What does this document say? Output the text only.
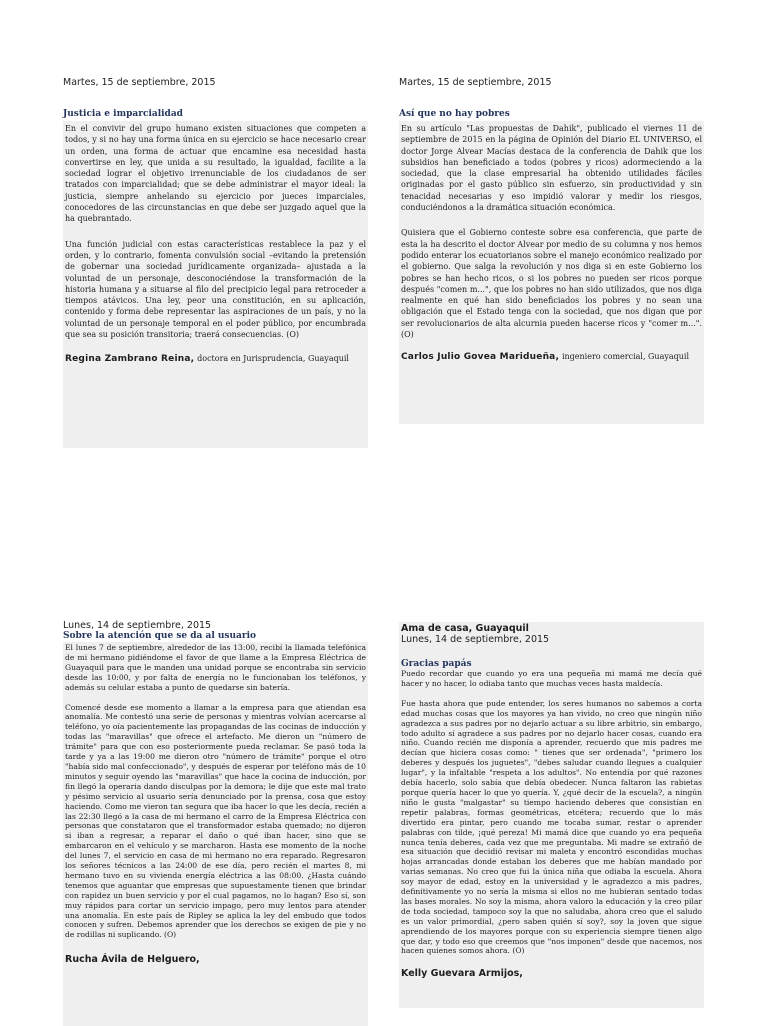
Martes, 15 de septiembre, 2015

Justicia e imparcialidad

En el convivir del grupo humano existen situaciones que competen a todos, y si no hay una forma única en su ejercicio se hace necesario crear un orden, una forma de actuar que encamine esa necesidad hasta convertirse en ley, que unida a su resultado, la igualdad, facilite a la sociedad lograr el objetivo irrenunciable de los ciudadanos de ser tratados con imparcialidad; que se debe administrar el mayor ideal: la justicia, siempre anhelando su ejercicio por jueces imparciales, conocedores de las circunstancias en que debe ser juzgado aquel que la ha quebrantado.

Una función judicial con estas características restablece la paz y el orden, y lo contrario, fomenta convulsión social –evitando la pretensión de gobernar una sociedad jurídicamente organizada– ajustada a la voluntad de un personaje, desconociéndose la transformación de la historia humana y a situarse al filo del precipicio legal para retroceder a tiempos atávicos. Una ley, peor una constitución, en su aplicación, contenido y forma debe representar las aspiraciones de un país, y no la voluntad de un personaje temporal en el poder público, por encumbrada que sea su posición transitoria; traerá consecuencias. (O)

Regina Zambrano Reina, doctora en Jurisprudencia, Guayaquil

Martes, 15 de septiembre, 2015

Así que no hay pobres

En su artículo "Las propuestas de Dahik", publicado el viernes 11 de septiembre de 2015 en la página de Opinión del Diario EL UNIVERSO, el doctor Jorge Alvear Macías destaca de la conferencia de Dahik que los subsidios han beneficiado a todos (pobres y ricos) adormeciendo a la sociedad, que la clase empresarial ha obtenido utilidades fáciles originadas por el gasto público sin esfuerzo, sin productividad y sin tenacidad necesarias y eso impidió valorar y medir los riesgos, conduciéndonos a la dramática situación económica.

Quisiera que el Gobierno conteste sobre esa conferencia, que parte de esta la ha descrito el doctor Alvear por medio de su columna y nos hemos podido enterar los ecuatorianos sobre el manejo económico realizado por el gobierno. Que salga la revolución y nos diga si en este Gobierno los pobres se han hecho ricos, o si los pobres no pueden ser ricos porque después "comen m...", que los pobres no han sido utilizados, que nos diga realmente en qué han sido beneficiados los pobres y no sean una obligación que el Estado tenga con la sociedad, que nos digan que por ser revolucionarios de alta alcurnia pueden hacerse ricos y "comer m...". (O)

Carlos Julio Govea Maridueña, ingeniero comercial, Guayaquil

Lunes, 14 de septiembre, 2015

Sobre la atención que se da al usuario

El lunes 7 de septiembre, alrededor de las 13:00, recibí la llamada telefónica de mi hermano pidiéndome el favor de que llame a la Empresa Eléctrica de Guayaquil para que le manden una unidad porque se encontraba sin servicio desde las 10:00, y por falta de energía no le funcionaban los teléfonos, y además su celular estaba a punto de quedarse sin batería.

Comencé desde ese momento a llamar a la empresa para que atiendan esa anomalía. Me contestó una serie de personas y mientras volvían acercarse al teléfono, yo oía pacientemente las propagandas de las cocinas de inducción y todas las "maravillas" que ofrece el artefacto. Me dieron un "número de trámite" para que con eso posteriormente pueda reclamar. Se pasó toda la tarde y ya a las 19:00 me dieron otro "número de trámite" porque el otro "había sido mal confeccionado", y después de esperar por teléfono más de 10 minutos y seguir oyendo las "maravillas" que hace la cocina de inducción, por fin llegó la operaria dando disculpas por la demora; le dije que este mal trato y pésimo servicio al usuario sería denunciado por la prensa, cosa que estoy haciendo. Como me vieron tan segura que iba hacer lo que les decía, recién a las 22:30 llegó a la casa de mi hermano el carro de la Empresa Eléctrica con personas que constataron que el transformador estaba quemado; no dijeron si iban a regresar, a reparar el daño o qué iban hacer, sino que se embarcaron en el vehículo y se marcharon. Hasta ese momento de la noche del lunes 7, el servicio en casa de mi hermano no era reparado. Regresaron los señores técnicos a las 24:00 de ese día, pero recién el martes 8, mi hermano tuvo en su vivienda energía eléctrica a las 08:00. ¿Hasta cuándo tenemos que aguantar que empresas que supuestamente tienen que brindar con rapidez un buen servicio y por el cual pagamos, no lo hagan? Eso sí, son muy rápidos para cortar un servicio impago, pero muy lentos para atender una anomalía. En este país de Ripley se aplica la ley del embudo que todos conocen y sufren. Debemos aprender que los derechos se exigen de pie y no de rodillas ni suplicando. (O)

Rucha Ávila de Helguero,

Ama de casa, Guayaquil

Lunes, 14 de septiembre, 2015

Gracias papás

Puedo recordar que cuando yo era una pequeña mi mamá me decía qué hacer y no hacer, lo odiaba tanto que muchas veces hasta maldecía.

Fue hasta ahora que pude entender, los seres humanos no sabemos a corta edad muchas cosas que los mayores ya han vivido, no creo que ningún niño agradezca a sus padres por no dejarlo actuar a su libre arbitrio, sin embargo, todo adulto sí agradece a sus padres por no dejarlo hacer cosas, cuando era niño. Cuando recién me disponía a aprender, recuerdo que mis padres me decían que hiciera cosas como: " tienes que ser ordenada", "primero los deberes y después los juguetes", "debes saludar cuando llegues a cualquier lugar", y la infaltable "respeta a los adultos". No entendía por qué razones debía hacerlo, solo sabía que debía obedecer. Nunca faltaron las rabietas porque quería hacer lo que yo quería. Y, ¿qué decir de la escuela?, a ningún niño le gusta "malgastar" su tiempo haciendo deberes que consistían en repetir palabras, formas geométricas, etcétera; recuerdo que lo más divertido era pintar, pero cuando me tocaba sumar, restar o aprender palabras con tilde, ¡qué pereza! Mi mamá dice que cuando yo era pequeña nunca tenía deberes, cada vez que me preguntaba. Mi madre se extrañó de esa situación que decidió revisar mi maleta y encontró escondidas muchas hojas arrancadas donde estaban los deberes que me habían mandado por varias semanas. No creo que fui la única niña que odiaba la escuela. Ahora soy mayor de edad, estoy en la universidad y le agradezco a mis padres, definitivamente yo no sería la misma si ellos no me hubieran sentado todas las bases morales. No soy la misma, ahora valoro la educación y la creo pilar de toda sociedad, tampoco soy la que no saludaba, ahora creo que el saludo es un valor primordial, ¿pero saben quién sí soy?, soy la joven que sigue aprendiendo de los mayores porque con su experiencia siempre tienen algo que dar, y todo eso que creemos que "nos imponen" desde que nacemos, nos hacen quienes somos ahora. (O)

Kelly Guevara Armijos,
